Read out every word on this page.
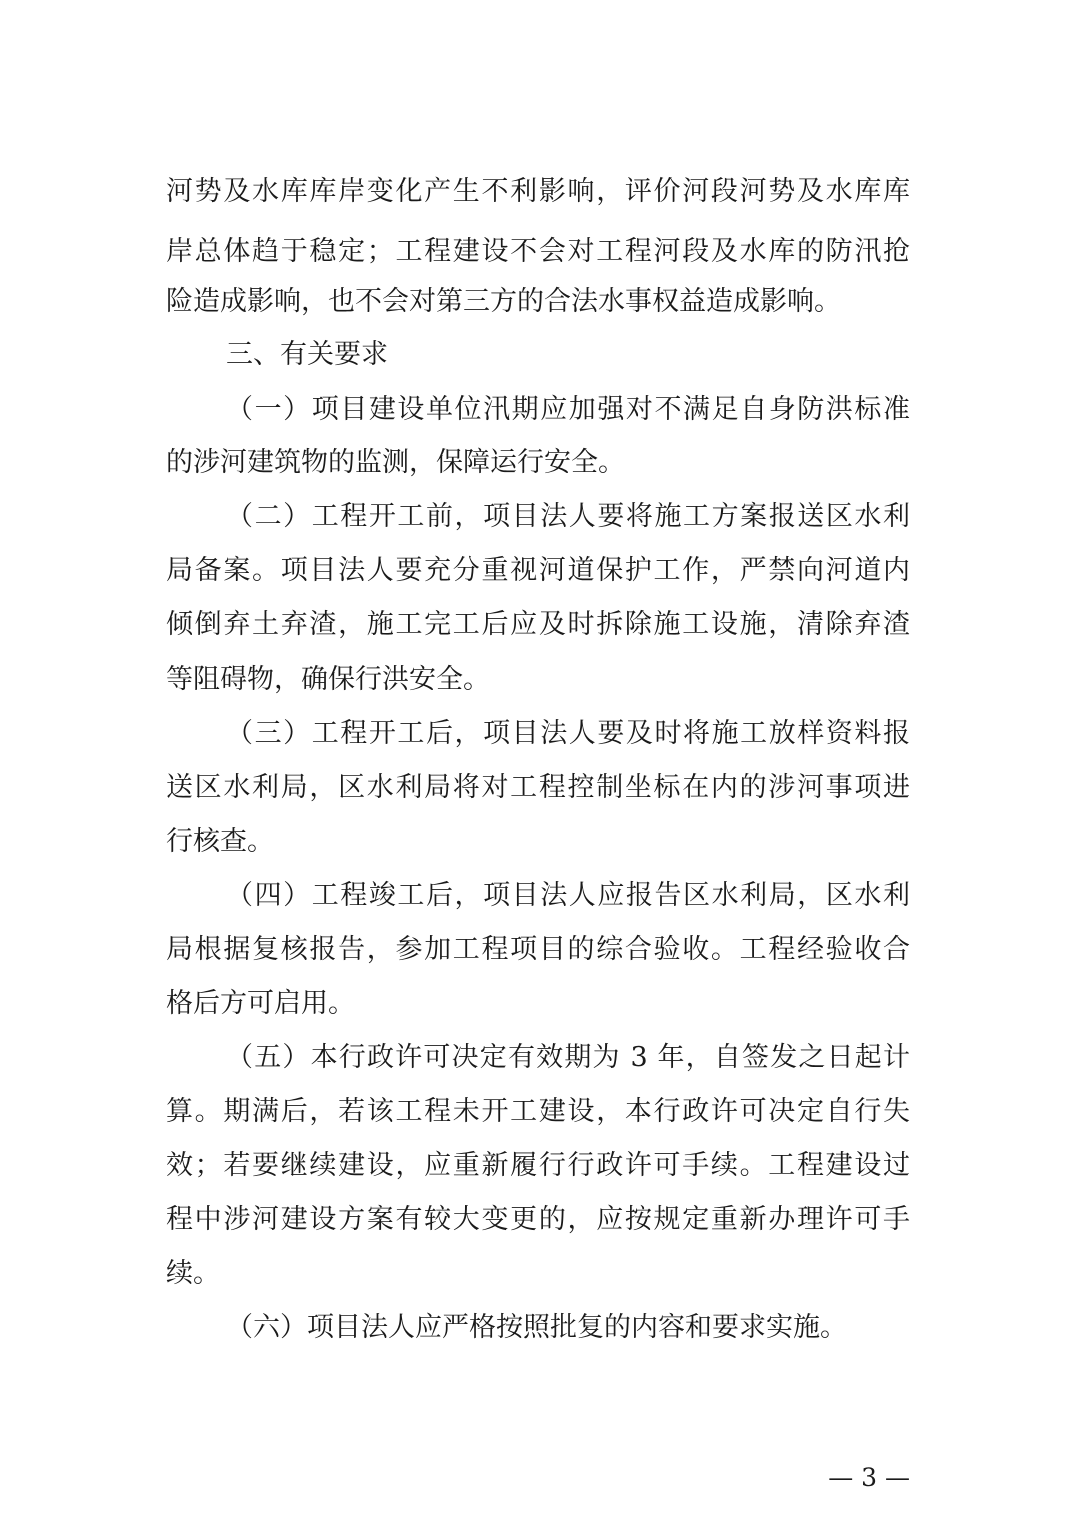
河势及水库库岸变化产生不利影响，评价河段河势及水库库
岸总体趋于稳定；工程建设不会对工程河段及水库的防汛抢
险造成影响，也不会对第三方的合法水事权益造成影响。
三、有关要求
（一）项目建设单位汛期应加强对不满足自身防洪标准
的涉河建筑物的监测，保障运行安全。
（二）工程开工前，项目法人要将施工方案报送区水利
局备案。项目法人要充分重视河道保护工作，严禁向河道内
倾倒弃土弃渣，施工完工后应及时拆除施工设施，清除弃渣
等阻碍物，确保行洪安全。
（三）工程开工后，项目法人要及时将施工放样资料报
送区水利局，区水利局将对工程控制坐标在内的涉河事项进
行核查。
（四）工程竣工后，项目法人应报告区水利局，区水利
局根据复核报告，参加工程项目的综合验收。工程经验收合
格后方可启用。
（五）本行政许可决定有效期为 3 年，自签发之日起计
算。期满后，若该工程未开工建设，本行政许可决定自行失
效；若要继续建设，应重新履行行政许可手续。工程建设过
程中涉河建设方案有较大变更的，应按规定重新办理许可手
续。
（六）项目法人应严格按照批复的内容和要求实施。
— 3 —
